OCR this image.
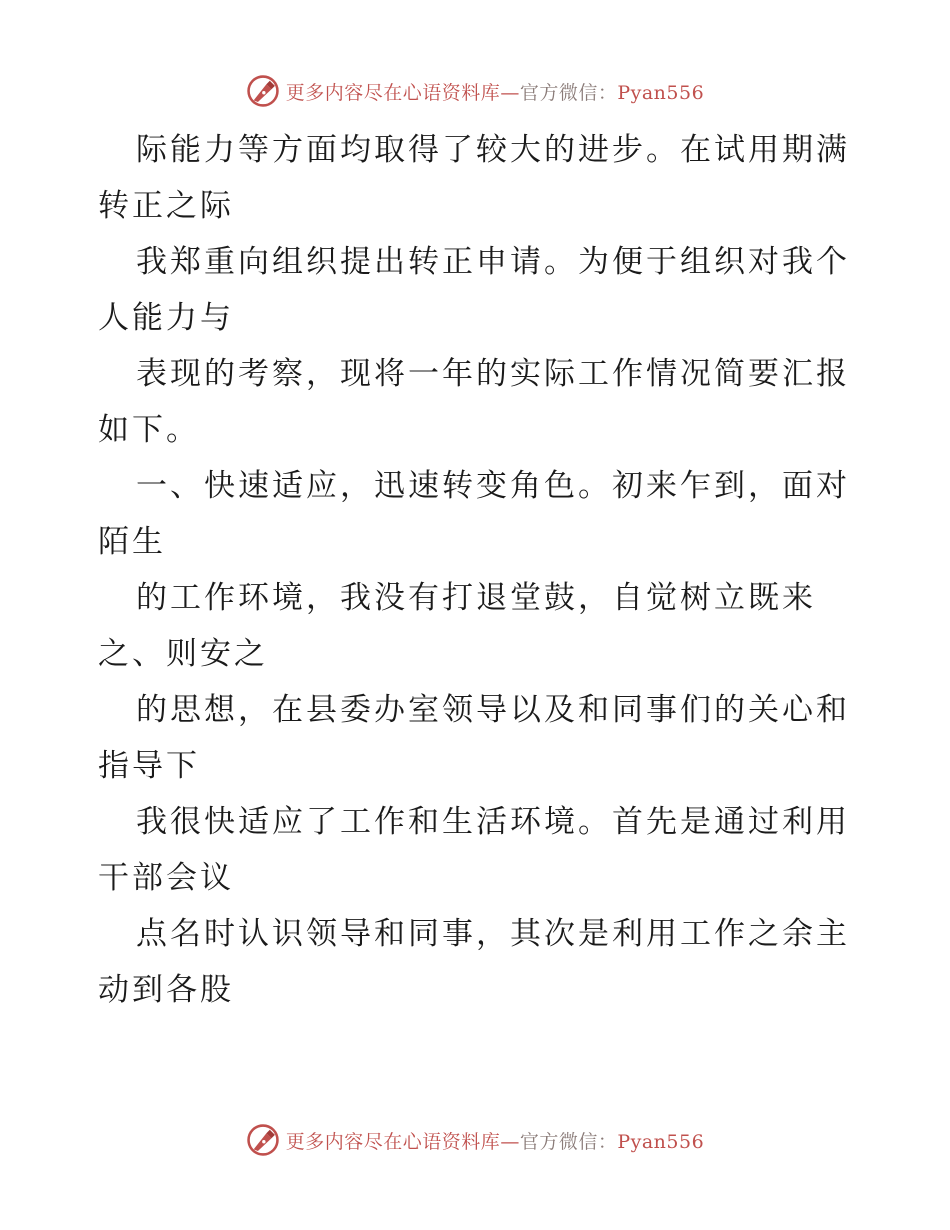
更多内容尽在心语资料库—官方微信：Pyan556
际能力等方面均取得了较大的进步。在试用期满
转正之际
我郑重向组织提出转正申请。为便于组织对我个
人能力与
表现的考察，现将一年的实际工作情况简要汇报
如下。
一、快速适应，迅速转变角色。初来乍到，面对
陌生
的工作环境，我没有打退堂鼓，自觉树立既来
之、则安之
的思想，在县委办室领导以及和同事们的关心和
指导下
我很快适应了工作和生活环境。首先是通过利用
干部会议
点名时认识领导和同事，其次是利用工作之余主
动到各股
更多内容尽在心语资料库—官方微信：Pyan556
